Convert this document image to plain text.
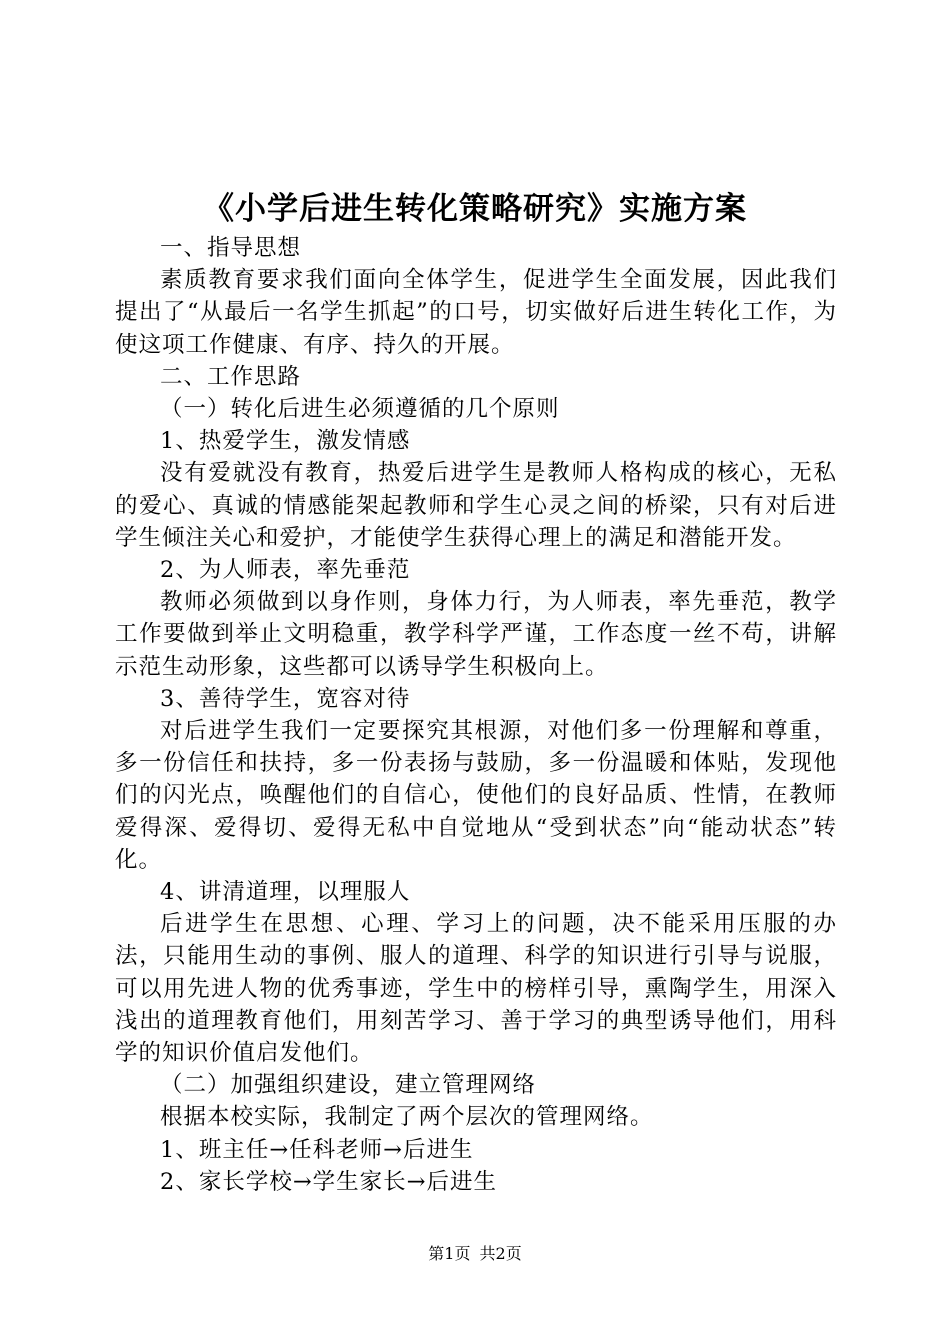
《小学后进生转化策略研究》实施方案

一、指导思想

素质教育要求我们面向全体学生，促进学生全面发展，因此我们提出了“从最后一名学生抓起”的口号，切实做好后进生转化工作，为使这项工作健康、有序、持久的开展。

二、工作思路

（一）转化后进生必须遵循的几个原则

1、热爱学生，激发情感

没有爱就没有教育，热爱后进学生是教师人格构成的核心，无私的爱心、真诚的情感能架起教师和学生心灵之间的桥梁，只有对后进学生倾注关心和爱护，才能使学生获得心理上的满足和潜能开发。

2、为人师表，率先垂范

教师必须做到以身作则，身体力行，为人师表，率先垂范，教学工作要做到举止文明稳重，教学科学严谨，工作态度一丝不苟，讲解示范生动形象，这些都可以诱导学生积极向上。

3、善待学生，宽容对待

对后进学生我们一定要探究其根源，对他们多一份理解和尊重，多一份信任和扶持，多一份表扬与鼓励，多一份温暖和体贴，发现他们的闪光点，唤醒他们的自信心，使他们的良好品质、性情，在教师爱得深、爱得切、爱得无私中自觉地从“受到状态”向“能动状态”转化。

4、讲清道理，以理服人

后进学生在思想、心理、学习上的问题，决不能采用压服的办法，只能用生动的事例、服人的道理、科学的知识进行引导与说服，可以用先进人物的优秀事迹，学生中的榜样引导，熏陶学生，用深入浅出的道理教育他们，用刻苦学习、善于学习的典型诱导他们，用科学的知识价值启发他们。

（二）加强组织建设，建立管理网络

根据本校实际，我制定了两个层次的管理网络。

1、班主任→任科老师→后进生

2、家长学校→学生家长→后进生

第1页 共2页
